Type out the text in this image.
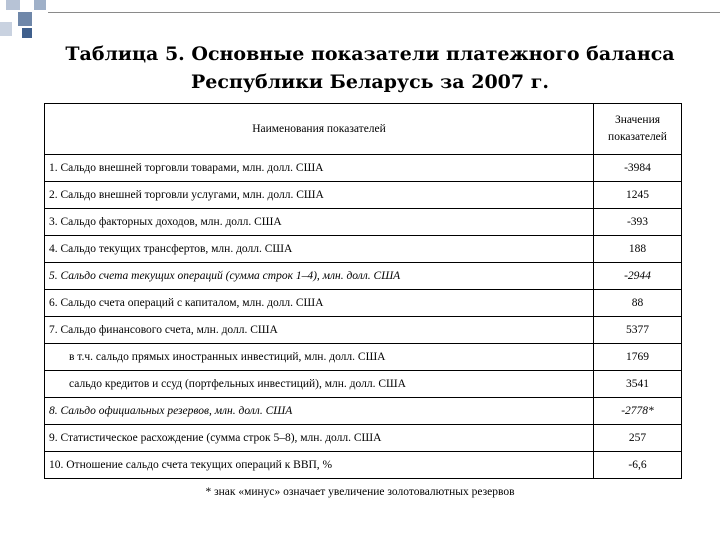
Таблица 5. Основные показатели платежного баланса
Республики Беларусь за 2007 г.
Наименования показателей	Значения
показателей
1. Сальдо внешней торговли товарами, млн. долл. США	-3984
2. Сальдо внешней торговли услугами, млн. долл. США	1245
3. Сальдо факторных доходов, млн. долл. США	-393
4. Сальдо текущих трансфертов, млн. долл. США	188
5. Сальдо счета текущих операций (сумма строк 1–4), млн. долл. США	-2944
6. Сальдо счета операций с капиталом, млн. долл. США	88
7. Сальдо финансового счета, млн. долл. США	5377
в т.ч. сальдо прямых иностранных инвестиций, млн. долл. США	1769
сальдо кредитов и ссуд (портфельных инвестиций), млн. долл. США	3541
8. Сальдо официальных резервов, млн. долл. США	-2778*
9. Статистическое расхождение (сумма строк 5–8), млн. долл. США	257
10. Отношение сальдо счета текущих операций к ВВП, %	-6,6
* знак «минус» означает увеличение золотовалютных резервов
